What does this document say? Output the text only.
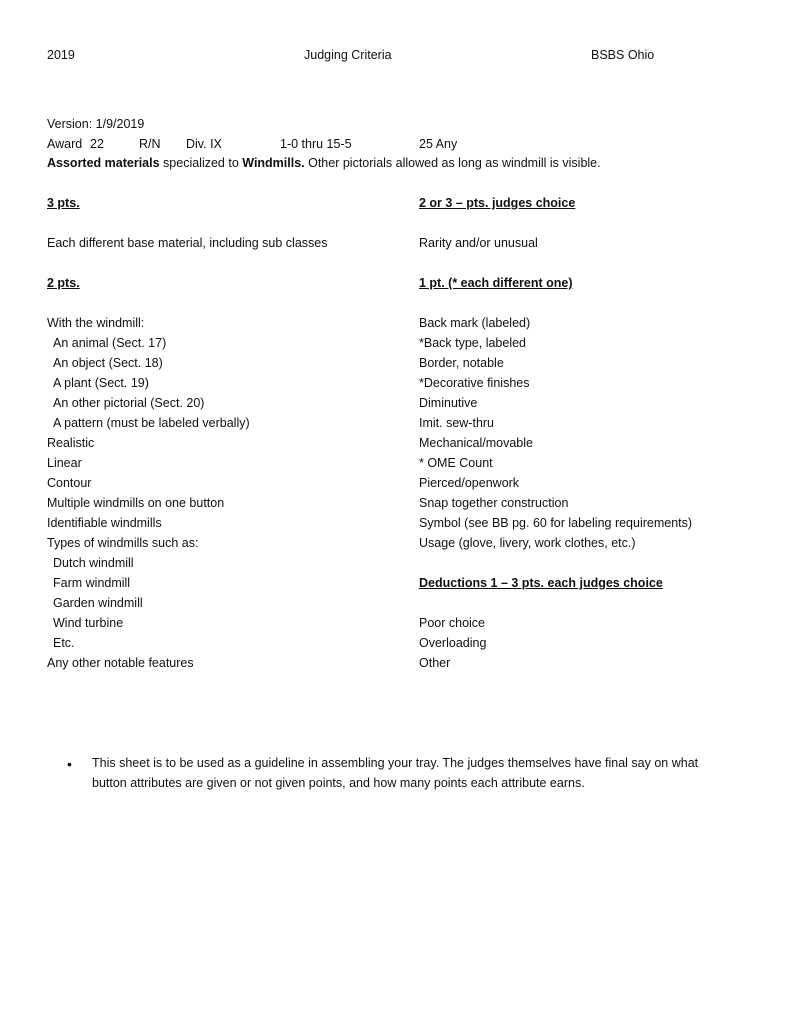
2019	Judging Criteria	BSBS Ohio
Version: 1/9/2019
Award 22	R/N Div. IX	1-0 thru 15-5	25 Any
Assorted materials specialized to Windmills. Other pictorials allowed as long as windmill is visible.
3 pts.
Each different base material, including sub classes
2 pts.
With the windmill:
An animal (Sect. 17)
An object (Sect. 18)
A plant (Sect. 19)
An other pictorial (Sect. 20)
A pattern (must be labeled verbally)
Realistic
Linear
Contour
Multiple windmills on one button
Identifiable windmills
Types of windmills such as:
Dutch windmill
Farm windmill
Garden windmill
Wind turbine
Etc.
Any other notable features
2 or 3 – pts. judges choice
Rarity and/or unusual
1 pt. (* each different one)
Back mark (labeled)
*Back type, labeled
Border, notable
*Decorative finishes
Diminutive
Imit. sew-thru
Mechanical/movable
* OME Count
Pierced/openwork
Snap together construction
Symbol (see BB pg. 60 for labeling requirements)
Usage (glove, livery, work clothes, etc.)
Deductions 1 – 3 pts. each judges choice
Poor choice
Overloading
Other
• This sheet is to be used as a guideline in assembling your tray. The judges themselves have final say on what button attributes are given or not given points, and how many points each attribute earns.
